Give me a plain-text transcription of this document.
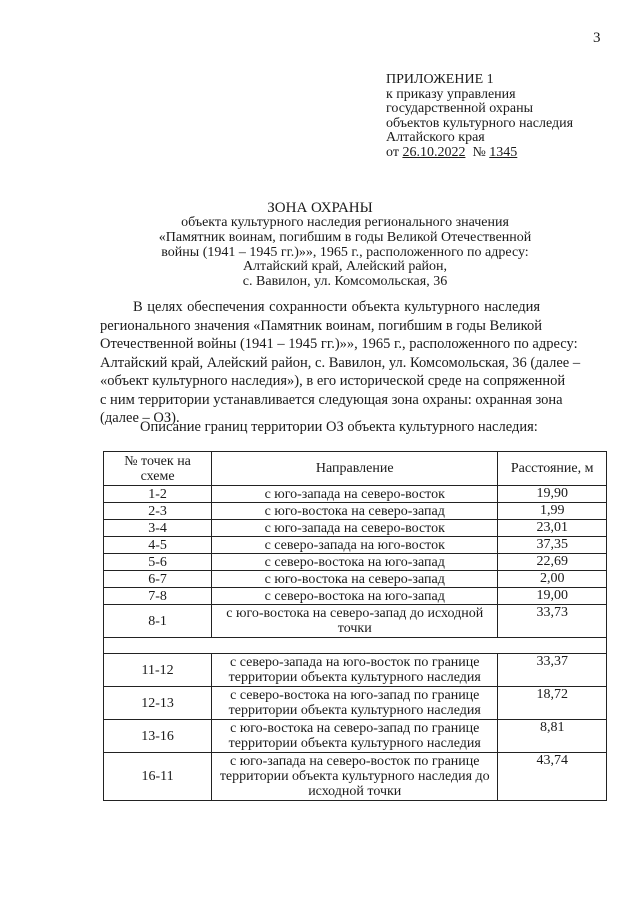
3
ПРИЛОЖЕНИЕ 1
к приказу управления
государственной охраны
объектов культурного наследия
Алтайского края
от 26.10.2022 № 1345
ЗОНА ОХРАНЫ
объекта культурного наследия регионального значения
«Памятник воинам, погибшим в годы Великой Отечественной
войны (1941 – 1945 гг.)»», 1965 г., расположенного по адресу:
Алтайский край, Алейский район,
с. Вавилон, ул. Комсомольская, 36
В целях обеспечения сохранности объекта культурного наследия
регионального значения «Памятник воинам, погибшим в годы Великой
Отечественной войны (1941 – 1945 гг.)»», 1965 г., расположенного по адресу:
Алтайский край, Алейский район, с. Вавилон, ул. Комсомольская, 36 (далее –
«объект культурного наследия»), в его исторической среде на сопряженной
с ним территории устанавливается следующая зона охраны: охранная зона
(далее – ОЗ).
Описание границ территории ОЗ объекта культурного наследия:
№ точек на схеме	Направление	Расстояние, м
1-2	с юго-запада на северо-восток	19,90
2-3	с юго-востока на северо-запад	1,99
3-4	с юго-запада на северо-восток	23,01
4-5	с северо-запада на юго-восток	37,35
5-6	с северо-востока на юго-запад	22,69
6-7	с юго-востока на северо-запад	2,00
7-8	с северо-востока на юго-запад	19,00
8-1	с юго-востока на северо-запад до исходной точки	33,73

11-12	с северо-запада на юго-восток по границе территории объекта культурного наследия	33,37
12-13	с северо-востока на юго-запад по границе территории объекта культурного наследия	18,72
13-16	с юго-востока на северо-запад по границе территории объекта культурного наследия	8,81
16-11	с юго-запада на северо-восток по границе территории объекта культурного наследия до исходной точки	43,74
